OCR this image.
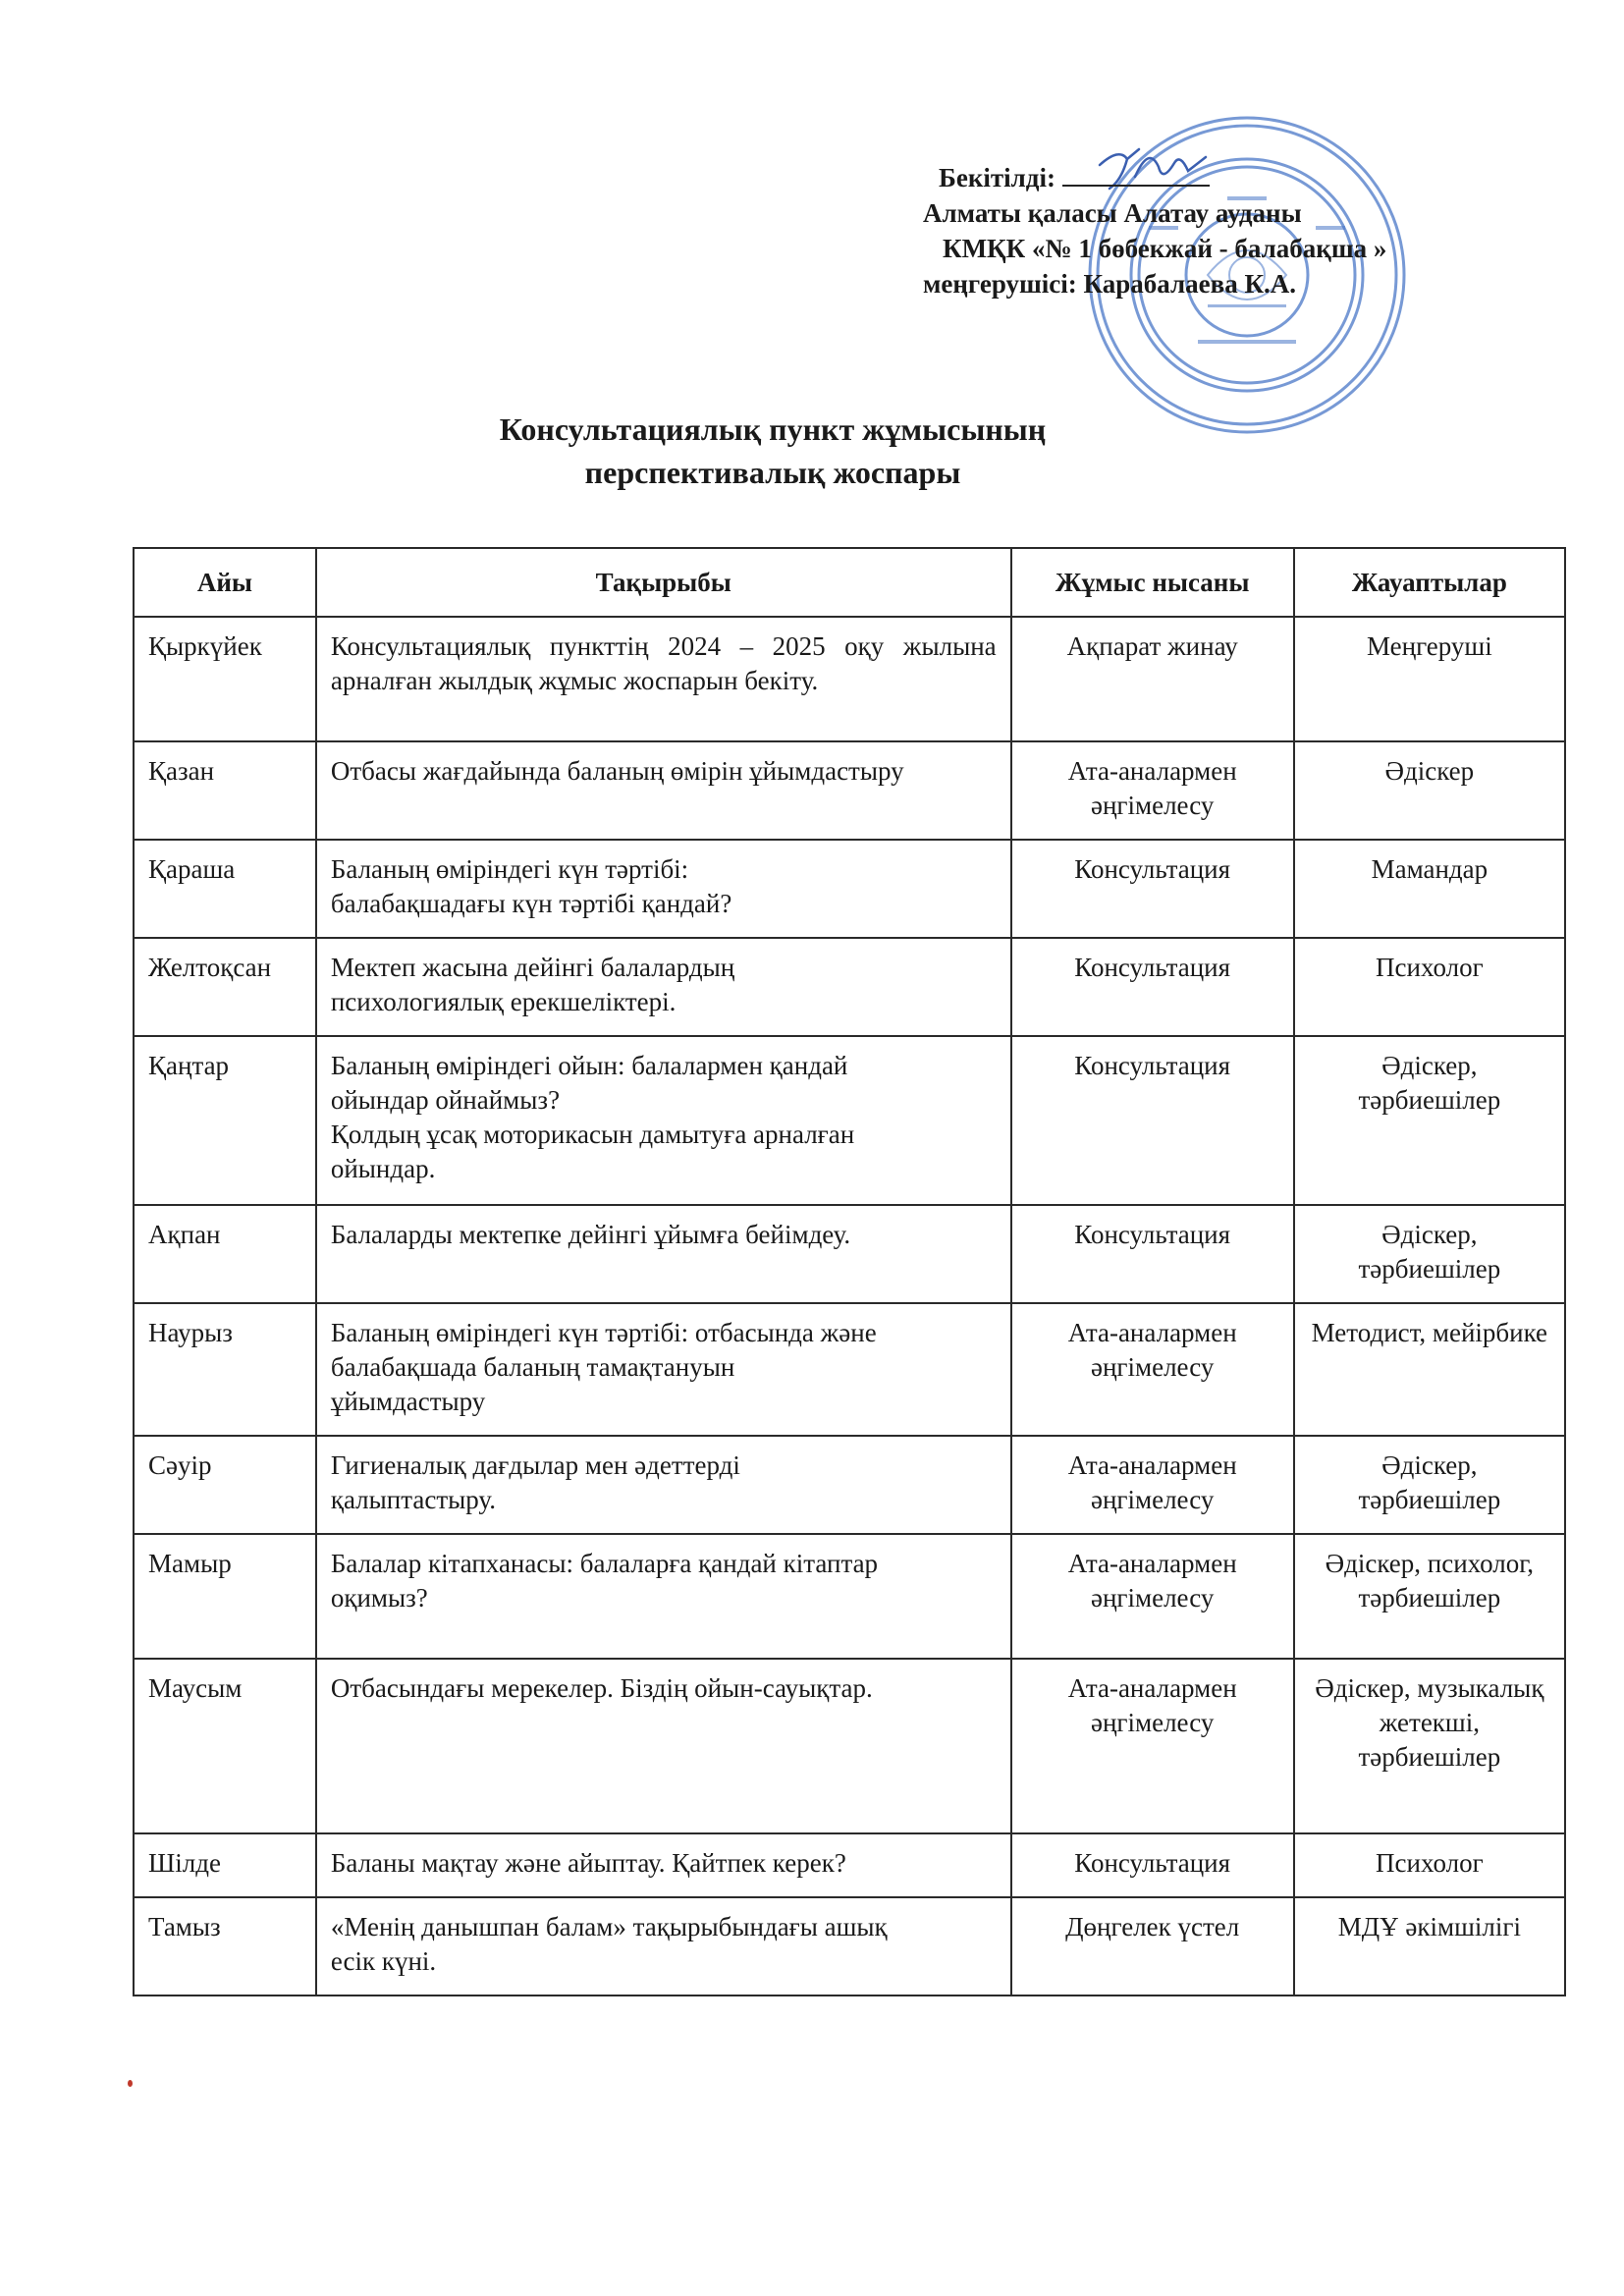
Бекітілді:
Алматы қаласы Алатау ауданы
КМҚК «№ 1 бөбекжай - балабақша »
меңгерушісі: Карабалаева К.А.
Консультациялық пункт жұмысының
перспективалық жоспары
Айы	Тақырыбы	Жұмыс нысаны	Жауаптылар
Қыркүйек	Консультациялық пункттің 2024 – 2025 оқу жылына арналған жылдық жұмыс жоспарын бекіту.	Ақпарат жинау	Меңгеруші
Қазан	Отбасы жағдайында баланың өмірін ұйымдастыру	Ата-аналармен әңгімелесу	Әдіскер
Қараша	Баланың өміріндегі күн тәртібі:
балабақшадағы күн тәртібі қандай?	Консультация	Мамандар
Желтоқсан	Мектеп жасына дейінгі балалардың
психологиялық ерекшеліктері.	Консультация	Психолог
Қаңтар	Баланың өміріндегі ойын: балалармен қандай
ойындар ойнаймыз?
Қолдың ұсақ моторикасын дамытуға арналған
ойындар.	Консультация	Әдіскер, тәрбиешілер
Ақпан	Балаларды мектепке дейінгі ұйымға бейімдеу.	Консультация	Әдіскер, тәрбиешілер
Наурыз	Баланың өміріндегі күн тәртібі: отбасында және
балабақшада баланың тамақтануын
ұйымдастыру	Ата-аналармен әңгімелесу	Методист, мейірбике
Сәуір	Гигиеналық дағдылар мен әдеттерді
қалыптастыру.	Ата-аналармен әңгімелесу	Әдіскер, тәрбиешілер
Мамыр	Балалар кітапханасы: балаларға қандай кітаптар
оқимыз?	Ата-аналармен әңгімелесу	Әдіскер, психолог, тәрбиешілер
Маусым	Отбасындағы мерекелер. Біздің ойын-сауықтар.	Ата-аналармен әңгімелесу	Әдіскер, музыкалық жетекші, тәрбиешілер
Шілде	Баланы мақтау және айыптау. Қайтпек керек?	Консультация	Психолог
Тамыз	«Менің данышпан балам» тақырыбындағы ашық
есік күні.	Дөңгелек үстел	МДҰ әкімшілігі
